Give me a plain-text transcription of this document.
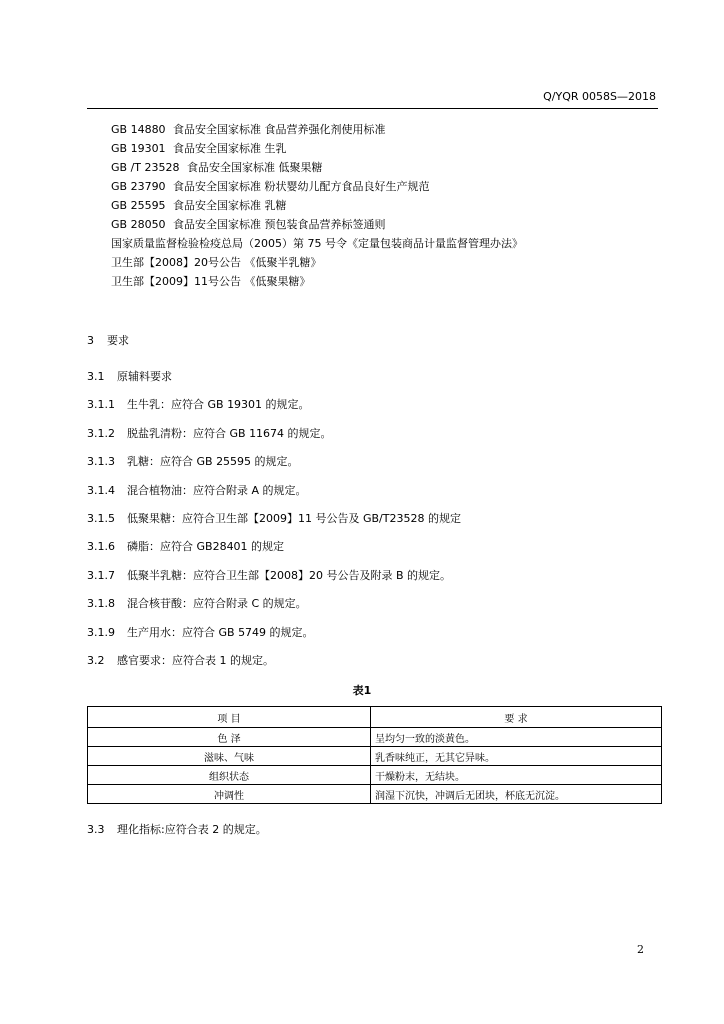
Q/YQR 0058S—2018
GB 14880 食品安全国家标准 食品营养强化剂使用标准
GB 19301 食品安全国家标准 生乳
GB /T 23528 食品安全国家标准 低聚果糖
GB 23790 食品安全国家标准 粉状婴幼儿配方食品良好生产规范
GB 25595 食品安全国家标准 乳糖
GB 28050 食品安全国家标准 预包装食品营养标签通则
国家质量监督检验检疫总局（2005）第 75 号令《定量包装商品计量监督管理办法》
卫生部【2008】20号公告 《低聚半乳糖》
卫生部【2009】11号公告 《低聚果糖》
3 要求
3.1 原辅料要求
3.1.1 生牛乳：应符合 GB 19301 的规定。
3.1.2 脱盐乳清粉：应符合 GB 11674 的规定。
3.1.3 乳糖：应符合 GB 25595 的规定。
3.1.4 混合植物油：应符合附录 A 的规定。
3.1.5 低聚果糖：应符合卫生部【2009】11 号公告及 GB/T23528 的规定
3.1.6 磷脂：应符合 GB28401 的规定
3.1.7 低聚半乳糖：应符合卫生部【2008】20 号公告及附录 B 的规定。
3.1.8 混合核苷酸：应符合附录 C 的规定。
3.1.9 生产用水：应符合 GB 5749 的规定。
3.2 感官要求：应符合表 1 的规定。
表1
项 目	要 求
色 泽	呈均匀一致的淡黄色。
滋味、气味	乳香味纯正，无其它异味。
组织状态	干燥粉末，无结块。
冲调性	润湿下沉快，冲调后无团块，杯底无沉淀。
3.3 理化指标:应符合表 2 的规定。
2
